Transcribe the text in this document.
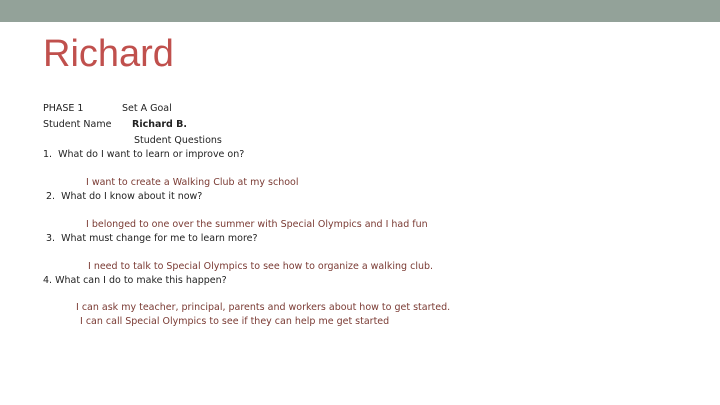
Richard
PHASE 1	Set A Goal
Student Name Richard B.
Student Questions
1.  What do I want to learn or improve on?
I want to create a Walking Club at my school
2.  What do I know about it now?
I belonged to one over the summer with Special Olympics and I had fun
3.  What must change for me to learn more?
I need to talk to Special Olympics to see how to organize a walking club.
4. What can I do to make this happen?
I can ask my teacher, principal, parents and workers about how to get started.
I can call Special Olympics to see if they can help me get started
